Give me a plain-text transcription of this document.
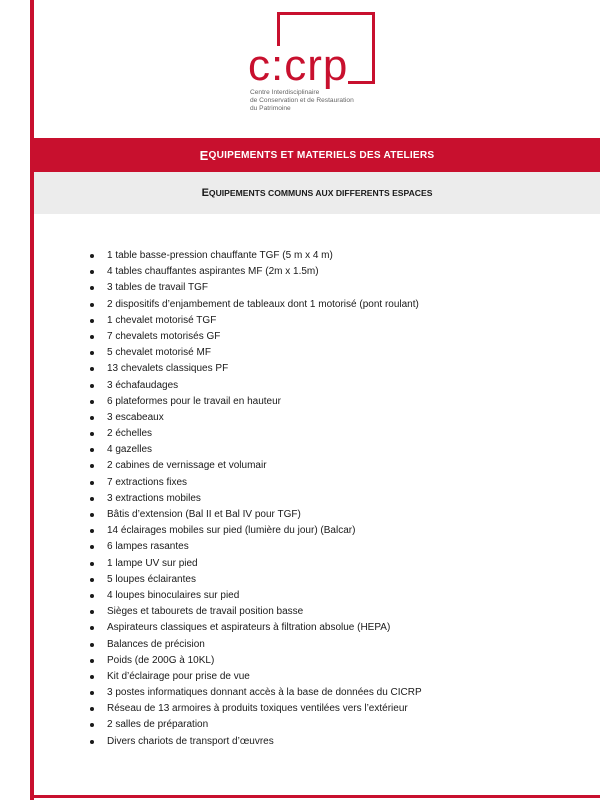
c:crp
Centre Interdisciplinaire
de Conservation et de Restauration
du Patrimoine
E QUIPEMENTS ET MATERIELS DES ATELIERS
E QUIPEMENTS COMMUNS AUX DIFFERENTS ESPACES
1 table basse-pression chauffante TGF (5 m x 4 m)
4 tables chauffantes aspirantes MF (2m x 1.5m)
3 tables de travail TGF
2 dispositifs d’enjambement de tableaux dont 1 motorisé (pont roulant)
1 chevalet motorisé TGF
7 chevalets motorisés GF
5 chevalet motorisé MF
13 chevalets classiques PF
3 échafaudages
6 plateformes pour le travail en hauteur
3 escabeaux
2 échelles
4 gazelles
2 cabines de vernissage et volumair
7 extractions fixes
3 extractions mobiles
Bâtis d’extension (Bal II et Bal IV pour TGF)
14 éclairages mobiles sur pied (lumière du jour) (Balcar)
6 lampes rasantes
1 lampe UV sur pied
5 loupes éclairantes
4 loupes binoculaires sur pied
Sièges et tabourets de travail position basse
Aspirateurs classiques et aspirateurs à filtration absolue (HEPA)
Balances de précision
Poids (de 200G à 10KL)
Kit d’éclairage pour prise de vue
3 postes informatiques donnant accès à la base de données du CICRP
Réseau de 13 armoires à produits toxiques ventilées vers l’extérieur
2 salles de préparation
Divers chariots de transport d’œuvres
